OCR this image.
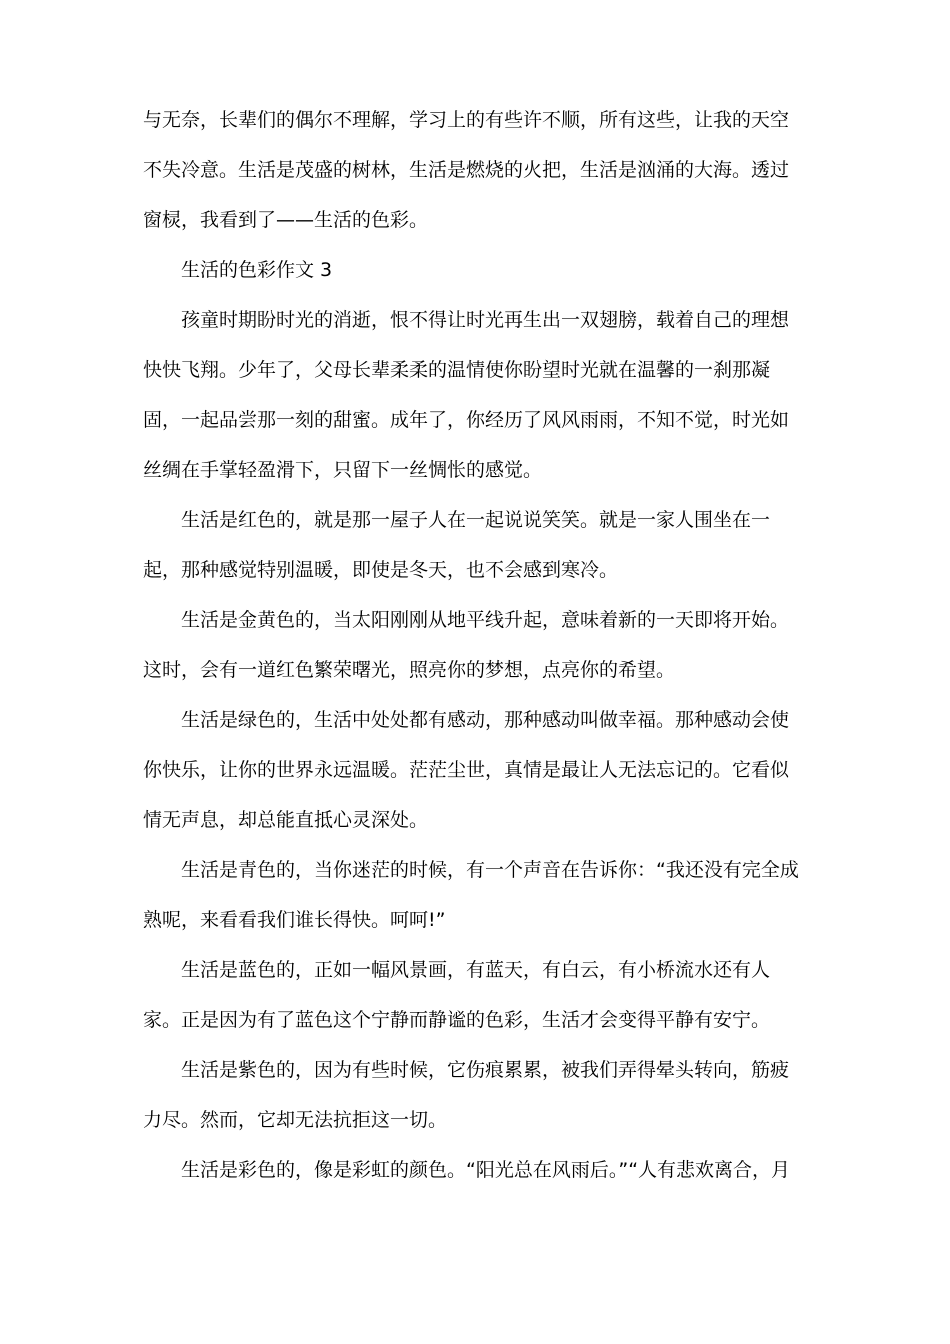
与无奈，长辈们的偶尔不理解，学习上的有些许不顺，所有这些，让我的天空
不失冷意。生活是茂盛的树林，生活是燃烧的火把，生活是汹涌的大海。透过
窗棂，我看到了——生活的色彩。
生活的色彩作文 3
孩童时期盼时光的消逝，恨不得让时光再生出一双翅膀，载着自己的理想
快快飞翔。少年了，父母长辈柔柔的温情使你盼望时光就在温馨的一刹那凝
固，一起品尝那一刻的甜蜜。成年了，你经历了风风雨雨，不知不觉，时光如
丝绸在手掌轻盈滑下，只留下一丝惆怅的感觉。
生活是红色的，就是那一屋子人在一起说说笑笑。就是一家人围坐在一
起，那种感觉特别温暖，即使是冬天，也不会感到寒冷。
生活是金黄色的，当太阳刚刚从地平线升起，意味着新的一天即将开始。
这时，会有一道红色繁荣曙光，照亮你的梦想，点亮你的希望。
生活是绿色的，生活中处处都有感动，那种感动叫做幸福。那种感动会使
你快乐，让你的世界永远温暖。茫茫尘世，真情是最让人无法忘记的。它看似
情无声息，却总能直抵心灵深处。
生活是青色的，当你迷茫的时候，有一个声音在告诉你：“我还没有完全成
熟呢，来看看我们谁长得快。呵呵!”
生活是蓝色的，正如一幅风景画，有蓝天，有白云，有小桥流水还有人
家。正是因为有了蓝色这个宁静而静谧的色彩，生活才会变得平静有安宁。
生活是紫色的，因为有些时候，它伤痕累累，被我们弄得晕头转向，筋疲
力尽。然而，它却无法抗拒这一切。
生活是彩色的，像是彩虹的颜色。“阳光总在风雨后。”“人有悲欢离合，月
